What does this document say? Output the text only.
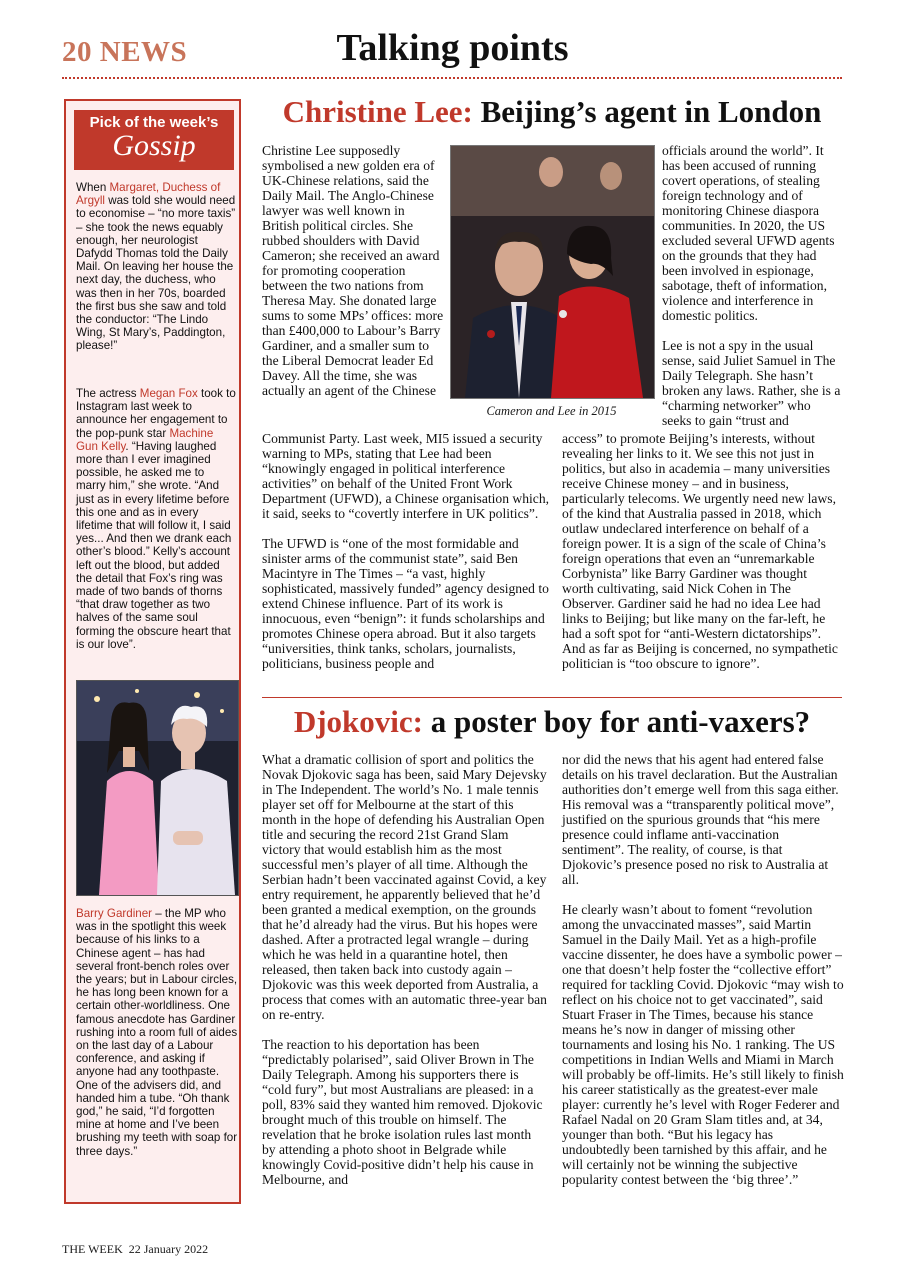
20 NEWS	Talking points
Pick of the week’s
Gossip
When Margaret, Duchess of Argyll was told she would need to economise – “no more taxis” – she took the news equably enough, her neurologist Dafydd Thomas told the Daily Mail. On leaving her house the next day, the duchess, who was then in her 70s, boarded the first bus she saw and told the conductor: “The Lindo Wing, St Mary’s, Paddington, please!”
The actress Megan Fox took to Instagram last week to announce her engagement to the pop-punk star Machine Gun Kelly. “Having laughed more than I ever imagined possible, he asked me to marry him,” she wrote. “And just as in every lifetime before this one and as in every lifetime that will follow it, I said yes... And then we drank each other’s blood.” Kelly’s account left out the blood, but added the detail that Fox’s ring was made of two bands of thorns “that draw together as two halves of the same soul forming the obscure heart that is our love”.
Barry Gardiner – the MP who was in the spotlight this week because of his links to a Chinese agent – has had several front-bench roles over the years; but in Labour circles, he has long been known for a certain other-worldliness. One famous anecdote has Gardiner rushing into a room full of aides on the last day of a Labour conference, and asking if anyone had any toothpaste. One of the advisers did, and handed him a tube. “Oh thank god,” he said, “I’d forgotten mine at home and I’ve been brushing my teeth with soap for three days.”
Christine Lee: Beijing’s agent in London
Christine Lee supposedly symbolised a new golden era of UK-Chinese relations, said the Daily Mail. The Anglo-Chinese lawyer was well known in British political circles. She rubbed shoulders with David Cameron; she received an award for promoting cooperation between the two nations from Theresa May. She donated large sums to some MPs’ offices: more than £400,000 to Labour’s Barry Gardiner, and a smaller sum to the Liberal Democrat leader Ed Davey. All the time, she was actually an agent of the Chinese
Cameron and Lee in 2015

Communist Party. Last week, MI5 issued a security warning to MPs, stating that Lee had been “knowingly engaged in political interference activities” on behalf of the United Front Work Department (UFWD), a Chinese organisation which, it said, seeks to “covertly interfere in UK politics”.

The UFWD is “one of the most formidable and sinister arms of the communist state”, said Ben Macintyre in The Times – “a vast, highly sophisticated, massively funded” agency designed to extend Chinese influence. Part of its work is innocuous, even “benign”: it funds scholarships and promotes Chinese opera abroad. But it also targets “universities, think tanks, scholars, journalists, politicians, business people and

officials around the world”. It has been accused of running covert operations, of stealing foreign technology and of monitoring Chinese diaspora communities. In 2020, the US excluded several UFWD agents on the grounds that they had been involved in espionage, sabotage, theft of information, violence and interference in domestic politics.

Lee is not a spy in the usual sense, said Juliet Samuel in The Daily Telegraph. She hasn’t broken any laws. Rather, she is a “charming networker” who seeks to gain “trust and

access” to promote Beijing’s interests, without revealing her links to it. We see this not just in politics, but also in academia – many universities receive Chinese money – and in business, particularly telecoms. We urgently need new laws, of the kind that Australia passed in 2018, which outlaw undeclared interference on behalf of a foreign power. It is a sign of the scale of China’s foreign operations that even an “unremarkable Corbynista” like Barry Gardiner was thought worth cultivating, said Nick Cohen in The Observer. Gardiner said he had no idea Lee had links to Beijing; but like many on the far-left, he had a soft spot for “anti-Western dictatorships”. And as far as Beijing is concerned, no sympathetic politician is “too obscure to ignore”.
Djokovic: a poster boy for anti-vaxers?

What a dramatic collision of sport and politics the Novak Djokovic saga has been, said Mary Dejevsky in The Independent. The world’s No. 1 male tennis player set off for Melbourne at the start of this month in the hope of defending his Australian Open title and securing the record 21st Grand Slam victory that would establish him as the most successful men’s player of all time. Although the Serbian hadn’t been vaccinated against Covid, a key entry requirement, he apparently believed that he’d been granted a medical exemption, on the grounds that he’d already had the virus. But his hopes were dashed. After a protracted legal wrangle – during which he was held in a quarantine hotel, then released, then taken back into custody again – Djokovic was this week deported from Australia, a process that comes with an automatic three-year ban on re-entry.

The reaction to his deportation has been “predictably polarised”, said Oliver Brown in The Daily Telegraph. Among his supporters there is “cold fury”, but most Australians are pleased: in a poll, 83% said they wanted him removed. Djokovic brought much of this trouble on himself. The revelation that he broke isolation rules last month by attending a photo shoot in Belgrade while knowingly Covid-positive didn’t help his cause in Melbourne, and

nor did the news that his agent had entered false details on his travel declaration. But the Australian authorities don’t emerge well from this saga either. His removal was a “transparently political move”, justified on the spurious grounds that “his mere presence could inflame anti-vaccination sentiment”. The reality, of course, is that Djokovic’s presence posed no risk to Australia at all.

He clearly wasn’t about to foment “revolution among the unvaccinated masses”, said Martin Samuel in the Daily Mail. Yet as a high-profile vaccine dissenter, he does have a symbolic power – one that doesn’t help foster the “collective effort” required for tackling Covid. Djokovic “may wish to reflect on his choice not to get vaccinated”, said Stuart Fraser in The Times, because his stance means he’s now in danger of missing other tournaments and losing his No. 1 ranking. The US competitions in Indian Wells and Miami in March will probably be off-limits. He’s still likely to finish his career statistically as the greatest-ever male player: currently he’s level with Roger Federer and Rafael Nadal on 20 Gram Slam titles and, at 34, younger than both. “But his legacy has undoubtedly been tarnished by this affair, and he will certainly not be winning the subjective popularity contest between the ‘big three’.”

THE WEEK  22 January 2022
